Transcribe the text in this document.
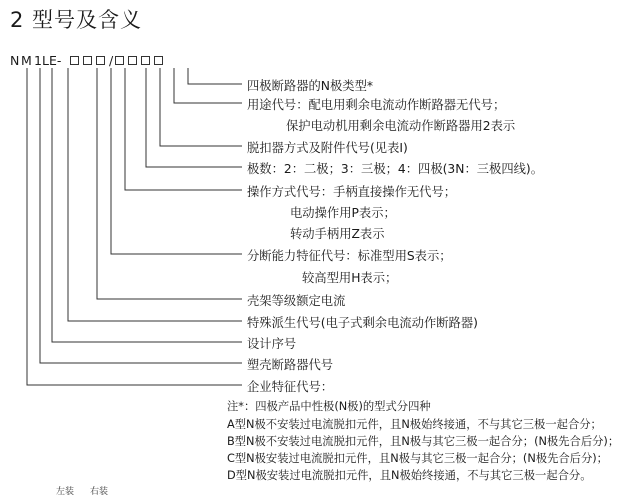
2 型号及含义
N M 1 LE-	/
四极断路器的N极类型*
用途代号：配电用剩余电流动作断路器无代号；
保护电动机用剩余电流动作断路器用2表示
脱扣器方式及附件代号(见表I)
极数：2：二极；3：三极；4：四极(3N：三极四线)。
操作方式代号：手柄直接操作无代号；
电动操作用P表示；
转动手柄用Z表示
分断能力特征代号：标准型用S表示；
较高型用H表示；
壳架等级额定电流
特殊派生代号(电子式剩余电流动作断路器)
设计序号
塑壳断路器代号
企业特征代号：
注*：四极产品中性极(N极)的型式分四种
A型N极不安装过电流脱扣元件，且N极始终接通，不与其它三极一起合分；
B型N极不安装过电流脱扣元件，且N极与其它三极一起合分；(N极先合后分)；
C型N极安装过电流脱扣元件，且N极与其它三极一起合分；(N极先合后分)；
D型N极安装过电流脱扣元件，且N极始终接通，不与其它三极一起合分。
左装 右装
